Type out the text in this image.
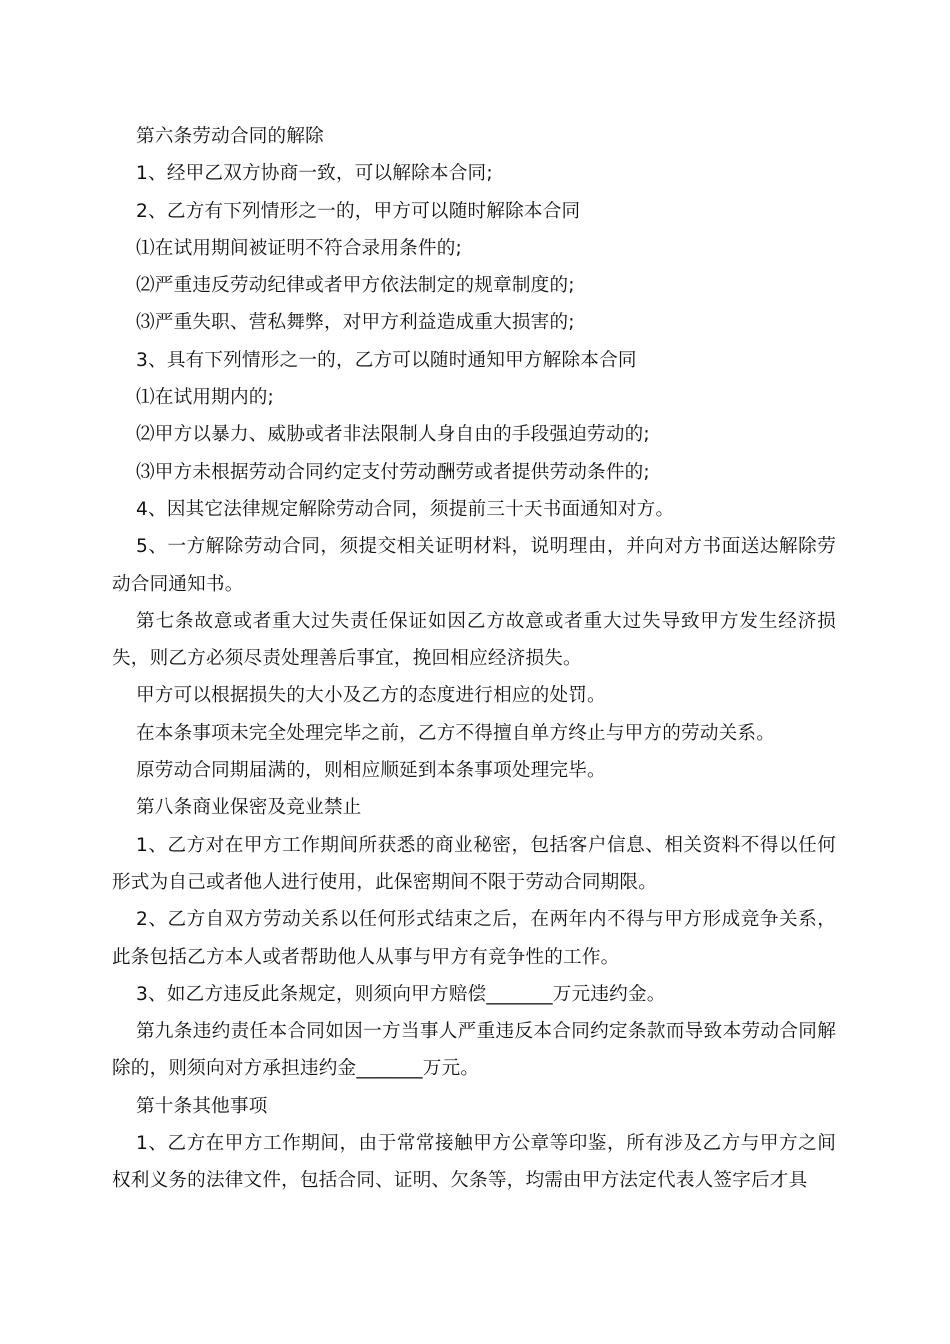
第六条劳动合同的解除

1、经甲乙双方协商一致，可以解除本合同;

2、乙方有下列情形之一的，甲方可以随时解除本合同

⑴在试用期间被证明不符合录用条件的;

⑵严重违反劳动纪律或者甲方依法制定的规章制度的;

⑶严重失职、营私舞弊，对甲方利益造成重大损害的;

3、具有下列情形之一的，乙方可以随时通知甲方解除本合同

⑴在试用期内的;

⑵甲方以暴力、威胁或者非法限制人身自由的手段强迫劳动的;

⑶甲方未根据劳动合同约定支付劳动酬劳或者提供劳动条件的;

4、因其它法律规定解除劳动合同，须提前三十天书面通知对方。

5、一方解除劳动合同，须提交相关证明材料，说明理由，并向对方书面送达解除劳动合同通知书。

第七条故意或者重大过失责任保证如因乙方故意或者重大过失导致甲方发生经济损失，则乙方必须尽责处理善后事宜，挽回相应经济损失。

甲方可以根据损失的大小及乙方的态度进行相应的处罚。

在本条事项未完全处理完毕之前，乙方不得擅自单方终止与甲方的劳动关系。

原劳动合同期届满的，则相应顺延到本条事项处理完毕。

第八条商业保密及竞业禁止

1、乙方对在甲方工作期间所获悉的商业秘密，包括客户信息、相关资料不得以任何形式为自己或者他人进行使用，此保密期间不限于劳动合同期限。

2、乙方自双方劳动关系以任何形式结束之后，在两年内不得与甲方形成竞争关系，此条包括乙方本人或者帮助他人从事与甲方有竞争性的工作。

3、如乙方违反此条规定，则须向甲方赔偿_______万元违约金。

第九条违约责任本合同如因一方当事人严重违反本合同约定条款而导致本劳动合同解除的，则须向对方承担违约金_______万元。

第十条其他事项

1、乙方在甲方工作期间，由于常常接触甲方公章等印鉴，所有涉及乙方与甲方之间权利义务的法律文件，包括合同、证明、欠条等，均需由甲方法定代表人签字后才具
